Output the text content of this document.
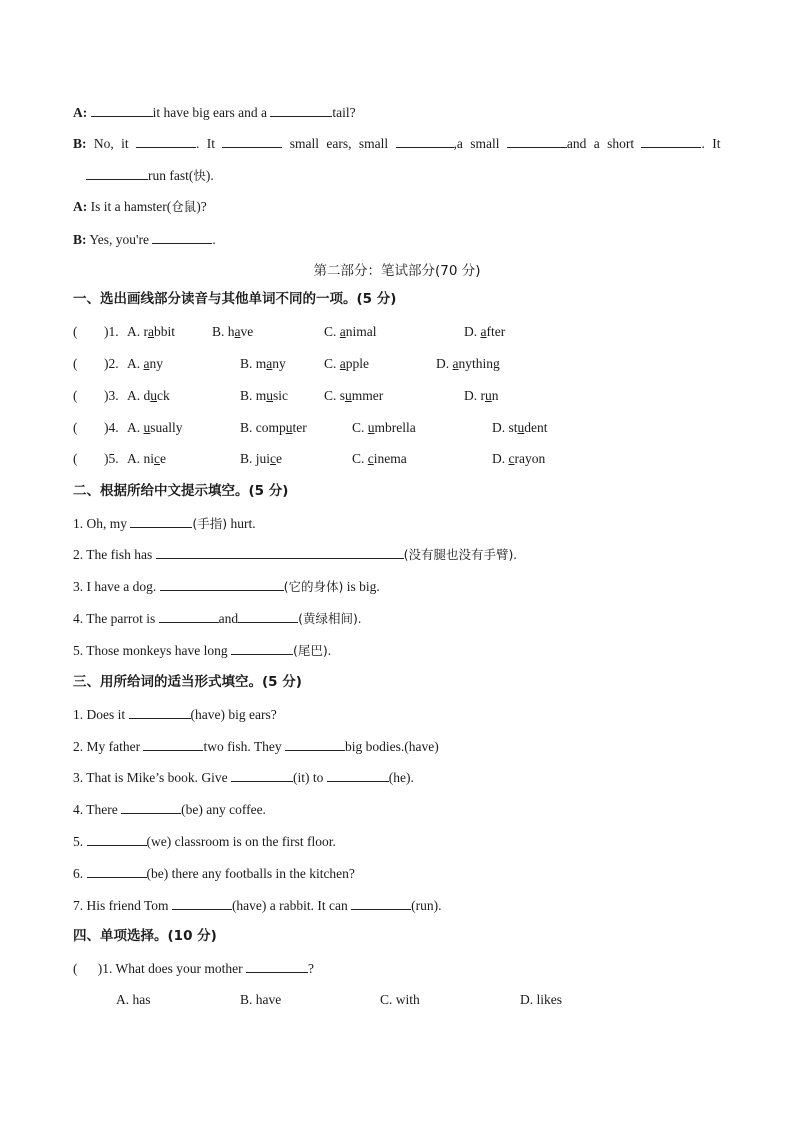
A:	it have big ears and a	tail?
B: No, it	. It	small ears, small	,a small	and a short	. It
run fast(快).
A: Is it a hamster(仓鼠)?
B: Yes, you're	.
第二部分：笔试部分(70 分)
一、选出画线部分读音与其他单词不同的一项。(5 分)
( )1. A. rabbit	B. have	C. animal	D. after
( )2. A. any	B. many	C. apple	D. anything
( )3. A. duck	B. music	C. summer	D. run
( )4. A. usually	B. computer	C. umbrella	D. student
( )5. A. nice	B. juice	C. cinema	D. crayon
二、根据所给中文提示填空。(5 分)
1. Oh, my	(手指) hurt.
2. The fish has	(没有腿也没有手臂).
3. I have a dog.	(它的身体) is big.
4. The parrot is	and	(黄绿相间).
5. Those monkeys have long	(尾巴).
三、用所给词的适当形式填空。(5 分)
1. Does it	(have) big ears?
2. My father	two fish. They	big bodies.(have)
3. That is Mike’s book. Give	(it) to	(he).
4. There	(be) any coffee.
5.	(we) classroom is on the first floor.
6.	(be) there any footballs in the kitchen?
7. His friend Tom	(have) a rabbit. It can	(run).
四、单项选择。(10 分)
(      )1. What does your mother	?
A. has	B. have	C. with	D. likes
